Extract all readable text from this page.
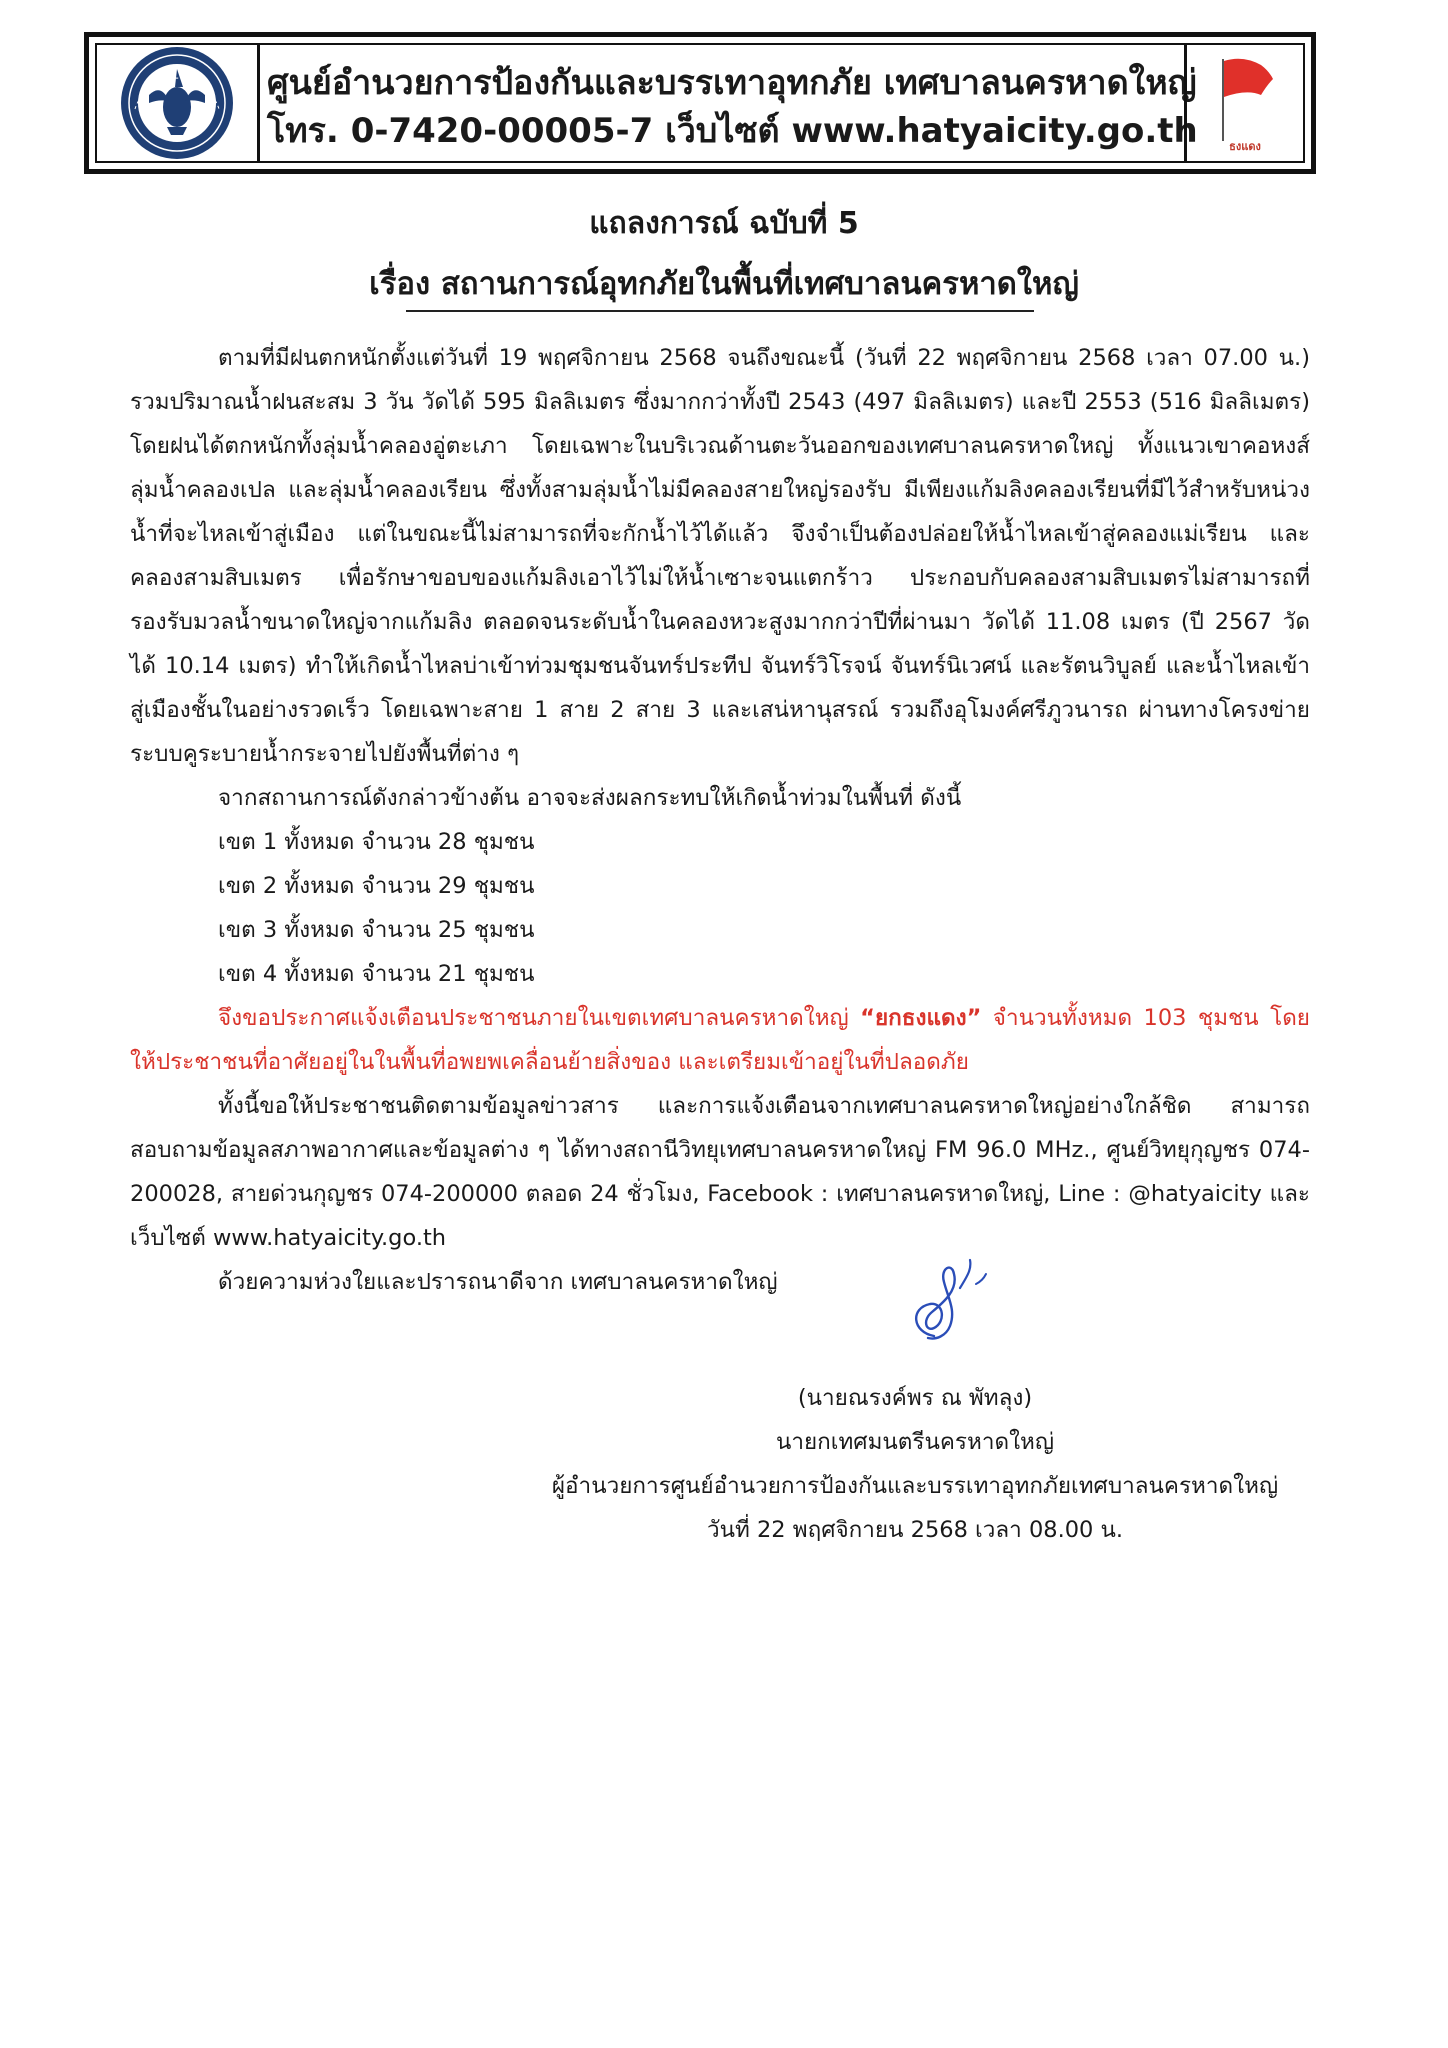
ศูนย์อำนวยการป้องกันและบรรเทาอุทกภัย เทศบาลนครหาดใหญ่
โทร. 0-7420-00005-7 เว็บไซต์ www.hatyaicity.go.th	ธงแดง
แถลงการณ์ ฉบับที่ 5
เรื่อง สถานการณ์อุทกภัยในพื้นที่เทศบาลนครหาดใหญ่
ตามที่มีฝนตกหนักตั้งแต่วันที่ 19 พฤศจิกายน 2568 จนถึงขณะนี้ (วันที่ 22 พฤศจิกายน 2568 เวลา 07.00 น.) รวมปริมาณน้ำฝนสะสม 3 วัน วัดได้ 595 มิลลิเมตร ซึ่งมากกว่าทั้งปี 2543 (497 มิลลิเมตร) และปี 2553 (516 มิลลิเมตร) โดยฝนได้ตกหนักทั้งลุ่มน้ำคลองอู่ตะเภา โดยเฉพาะในบริเวณด้านตะวันออกของเทศบาลนครหาดใหญ่ ทั้งแนวเขาคอหงส์ ลุ่มน้ำคลองเปล และลุ่มน้ำคลองเรียน ซึ่งทั้งสามลุ่มน้ำไม่มีคลองสายใหญ่รองรับ มีเพียงแก้มลิงคลองเรียนที่มีไว้สำหรับหน่วงน้ำที่จะไหลเข้าสู่เมือง แต่ในขณะนี้ไม่สามารถที่จะกักน้ำไว้ได้แล้ว จึงจำเป็นต้องปล่อยให้น้ำไหลเข้าสู่คลองแม่เรียน และคลองสามสิบเมตร เพื่อรักษาขอบของแก้มลิงเอาไว้ไม่ให้น้ำเซาะจนแตกร้าว ประกอบกับคลองสามสิบเมตรไม่สามารถที่รองรับมวลน้ำขนาดใหญ่จากแก้มลิง ตลอดจนระดับน้ำในคลองหวะสูงมากกว่าปีที่ผ่านมา วัดได้ 11.08 เมตร (ปี 2567 วัดได้ 10.14 เมตร) ทำให้เกิดน้ำไหลบ่าเข้าท่วมชุมชนจันทร์ประทีป จันทร์วิโรจน์ จันทร์นิเวศน์ และรัตนวิบูลย์ และน้ำไหลเข้าสู่เมืองชั้นในอย่างรวดเร็ว โดยเฉพาะสาย 1 สาย 2 สาย 3 และเสน่หานุสรณ์ รวมถึงอุโมงค์ศรีภูวนารถ ผ่านทางโครงข่ายระบบคูระบายน้ำกระจายไปยังพื้นที่ต่าง ๆ
จากสถานการณ์ดังกล่าวข้างต้น อาจจะส่งผลกระทบให้เกิดน้ำท่วมในพื้นที่ ดังนี้
เขต 1 ทั้งหมด จำนวน 28 ชุมชน
เขต 2 ทั้งหมด จำนวน 29 ชุมชน
เขต 3 ทั้งหมด จำนวน 25 ชุมชน
เขต 4 ทั้งหมด จำนวน 21 ชุมชน
จึงขอประกาศแจ้งเตือนประชาชนภายในเขตเทศบาลนครหาดใหญ่ “ยกธงแดง” จำนวนทั้งหมด 103 ชุมชน โดยให้ประชาชนที่อาศัยอยู่ในในพื้นที่อพยพเคลื่อนย้ายสิ่งของ และเตรียมเข้าอยู่ในที่ปลอดภัย
ทั้งนี้ขอให้ประชาชนติดตามข้อมูลข่าวสาร และการแจ้งเตือนจากเทศบาลนครหาดใหญ่อย่างใกล้ชิด สามารถสอบถามข้อมูลสภาพอากาศและข้อมูลต่าง ๆ ได้ทางสถานีวิทยุเทศบาลนครหาดใหญ่ FM 96.0 MHz., ศูนย์วิทยุกุญชร 074-200028, สายด่วนกุญชร 074-200000 ตลอด 24 ชั่วโมง, Facebook : เทศบาลนครหาดใหญ่, Line : @hatyaicity และเว็บไซต์ www.hatyaicity.go.th
ด้วยความห่วงใยและปรารถนาดีจาก เทศบาลนครหาดใหญ่
(นายณรงค์พร ณ พัทลุง)
นายกเทศมนตรีนครหาดใหญ่
ผู้อำนวยการศูนย์อำนวยการป้องกันและบรรเทาอุทกภัยเทศบาลนครหาดใหญ่
วันที่ 22 พฤศจิกายน 2568 เวลา 08.00 น.
